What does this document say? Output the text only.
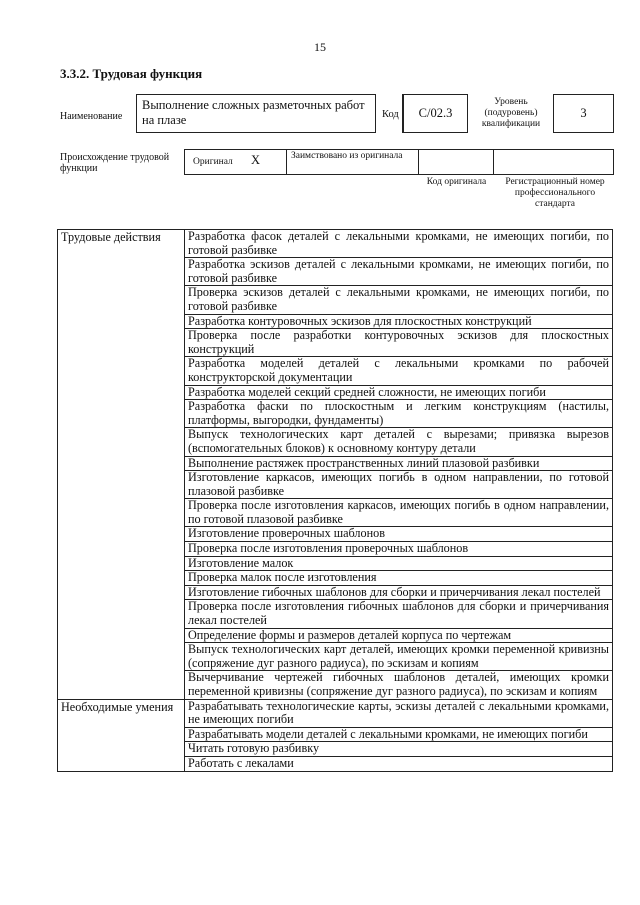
15
3.3.2. Трудовая функция
Наименование
Выполнение сложных разметочных работ на плазе	Код	С/02.3
Уровень (подуровень) квалификации
3
Происхождение трудовой функции
Оригинал X	Заимствовано из оригинала
Код оригинала	Регистрационный номер профессионального стандарта
Трудовые действия	Разработка фасок деталей с лекальными кромками, не имеющих погиби, по готовой разбивке
	Разработка эскизов деталей с лекальными кромками, не имеющих погиби, по готовой разбивке
	Проверка эскизов деталей с лекальными кромками, не имеющих погиби, по готовой разбивке
	Разработка контуровочных эскизов для плоскостных конструкций
	Проверка после разработки контуровочных эскизов для плоскостных конструкций
	Разработка моделей деталей с лекальными кромками по рабочей конструкторской документации
	Разработка моделей секций средней сложности, не имеющих погиби
	Разработка фаски по плоскостным и легким конструкциям (настилы, платформы, выгородки, фундаменты)
	Выпуск технологических карт деталей с вырезами; привязка вырезов (вспомогательных блоков) к основному контуру детали
	Выполнение растяжек пространственных линий плазовой разбивки
	Изготовление каркасов, имеющих погибь в одном направлении, по готовой плазовой разбивке
	Проверка после изготовления каркасов, имеющих погибь в одном направлении, по готовой плазовой разбивке
	Изготовление проверочных шаблонов
	Проверка после изготовления проверочных шаблонов
	Изготовление малок
	Проверка малок после изготовления
	Изготовление гибочных шаблонов для сборки и причерчивания лекал постелей
	Проверка после изготовления гибочных шаблонов для сборки и причерчивания лекал постелей
	Определение формы и размеров деталей корпуса по чертежам
	Выпуск технологических карт деталей, имеющих кромки переменной кривизны (сопряжение дуг разного радиуса), по эскизам и копиям
	Вычерчивание чертежей гибочных шаблонов деталей, имеющих кромки переменной кривизны (сопряжение дуг разного радиуса), по эскизам и копиям
Необходимые умения	Разрабатывать технологические карты, эскизы деталей с лекальными кромками, не имеющих погиби
	Разрабатывать модели деталей с лекальными кромками, не имеющих погиби
	Читать готовую разбивку
	Работать с лекалами
